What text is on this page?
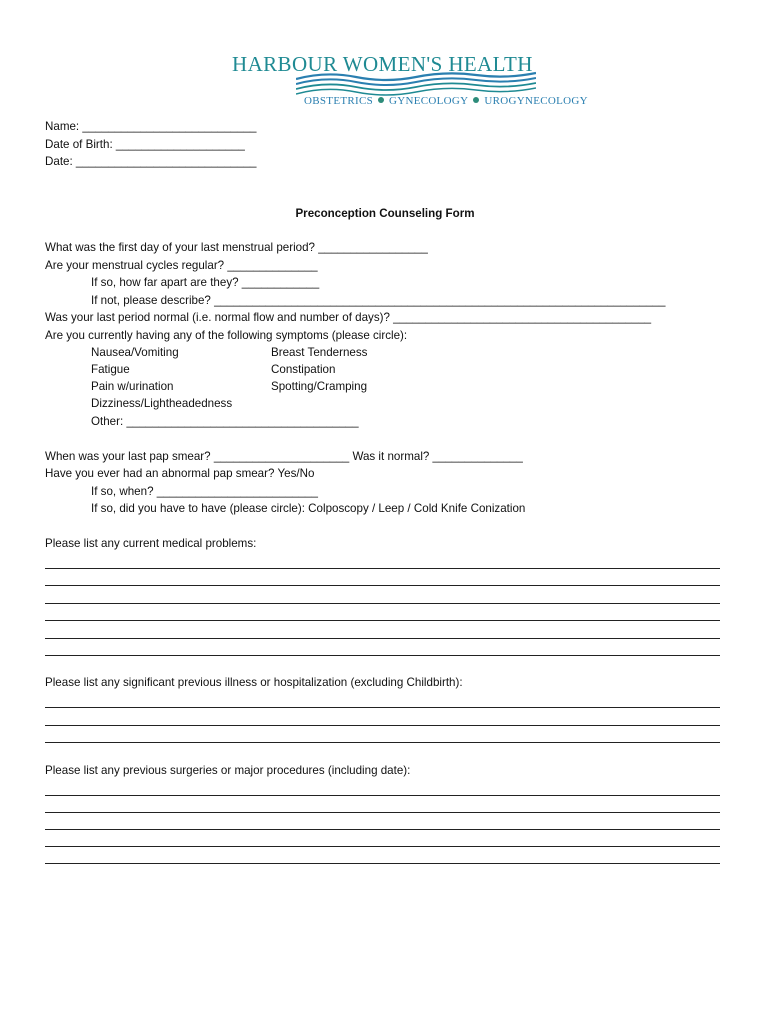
HARBOUR WOMEN'S HEALTH
OBSTETRICS GYNECOLOGY UROGYNECOLOGY
Name: ___________________________
Date of Birth: ____________________
Date: ____________________________
Preconception Counseling Form
What was the first day of your last menstrual period? _________________
Are your menstrual cycles regular? ______________
If so, how far apart are they? ____________
If not, please describe? ______________________________________________________________________
Was your last period normal (i.e. normal flow and number of days)? ________________________________________
Are you currently having any of the following symptoms (please circle):
Nausea/Vomiting	Breast Tenderness
Fatigue	Constipation
Pain w/urination	Spotting/Cramping
Dizziness/Lightheadedness
Other: ____________________________________
When was your last pap smear? _____________________ Was it normal? ______________
Have you ever had an abnormal pap smear? Yes/No
If so, when? _________________________
If so, did you have to have (please circle): Colposcopy / Leep / Cold Knife Conization
Please list any current medical problems:
Please list any significant previous illness or hospitalization (excluding Childbirth):
Please list any previous surgeries or major procedures (including date):
